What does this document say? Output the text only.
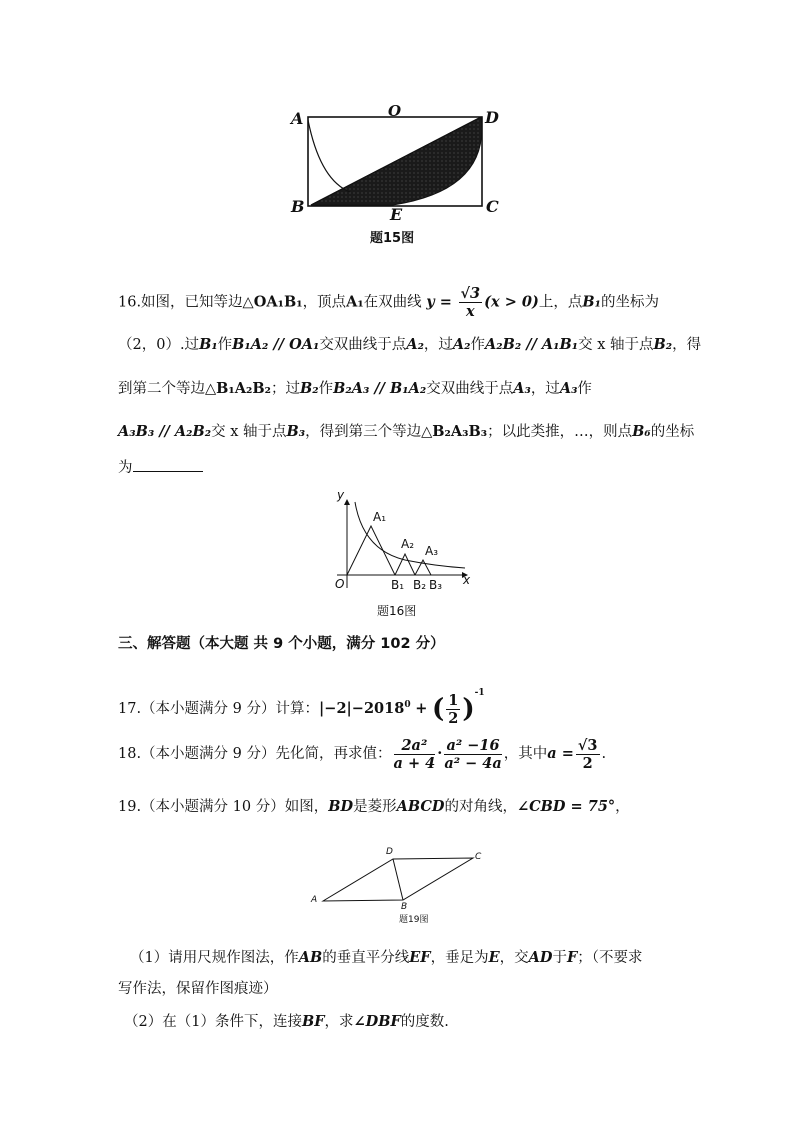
A	O	D
B	C
E
题15图
16.如图，已知等边△OA₁B₁，顶点A₁在双曲线 $y = \frac{√3}{x} (x > 0)$上，点B₁的坐标为
（2，0）.过B₁作B₁A₂ // OA₁交双曲线于点A₂，过A₂作A₂B₂ // A₁B₁交 x 轴于点B₂，得
到第二个等边△B₁A₂B₂；过B₂作B₂A₃ // B₁A₂交双曲线于点A₃，过A₃作
A₃B₃ // A₂B₂交 x 轴于点B₃，得到第三个等边△B₂A₃B₃；以此类推，…，则点B₆的坐标
为
y
x
O
A₁
A₂ A₃
B₁ B₂ B₃
题16图
三、解答题（本大题 共 9 个小题，满分 102 分）
17.（本小题满分 9 分）计算：$|-2|-2018^0$ + ( $\frac{1}{2} )^{-1}$
18.（本小题满分 9 分）先化简，再求值： $\frac{\text{2a²}}{a + 4} \cdot \frac{\text{a² −16}}{\text{a² − 4a}}$ ，其中$a = \frac{√3}{2}$ .
19.（本小题满分 10 分）如图，BD是菱形ABCD的对角线，∠CBD = 75°，
A
B
C
D
题19图
（1）请用尺规作图法，作AB的垂直平分线EF，垂足为E，交AD于F；（不要求
写作法，保留作图痕迹）
（2）在（1）条件下，连接BF，求∠DBF的度数.
